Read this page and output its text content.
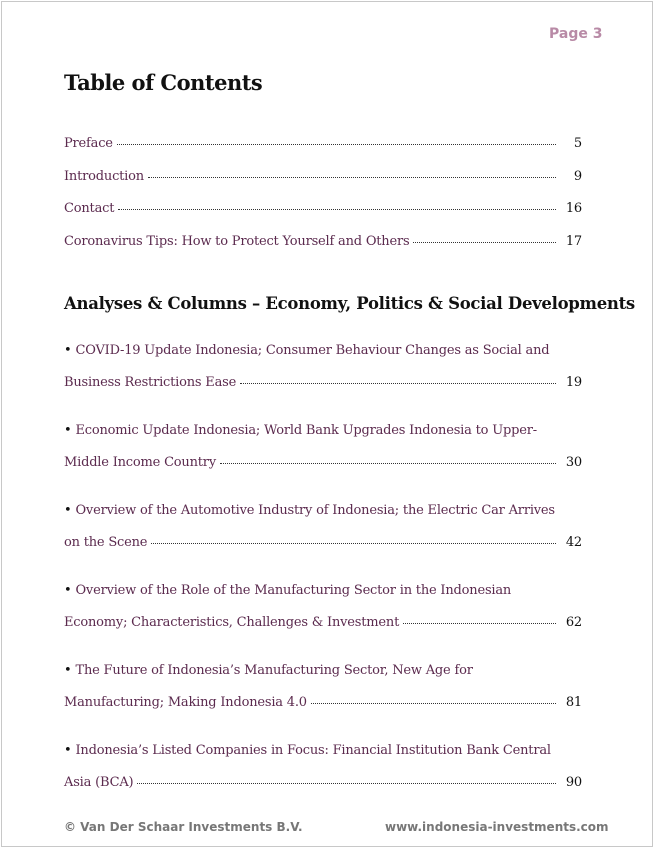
Page 3
Table of Contents
Preface	5
Introduction	9
Contact	16
Coronavirus Tips: How to Protect Yourself and Others	17
Analyses & Columns – Economy, Politics & Social Developments
• COVID-19 Update Indonesia; Consumer Behaviour Changes as Social and
Business Restrictions Ease	19
• Economic Update Indonesia; World Bank Upgrades Indonesia to Upper-
Middle Income Country	30
• Overview of the Automotive Industry of Indonesia; the Electric Car Arrives
on the Scene	42
• Overview of the Role of the Manufacturing Sector in the Indonesian
Economy; Characteristics, Challenges & Investment	62
• The Future of Indonesia’s Manufacturing Sector, New Age for
Manufacturing; Making Indonesia 4.0	81
• Indonesia’s Listed Companies in Focus: Financial Institution Bank Central
Asia (BCA)	90
© Van Der Schaar Investments B.V.	www.indonesia-investments.com
